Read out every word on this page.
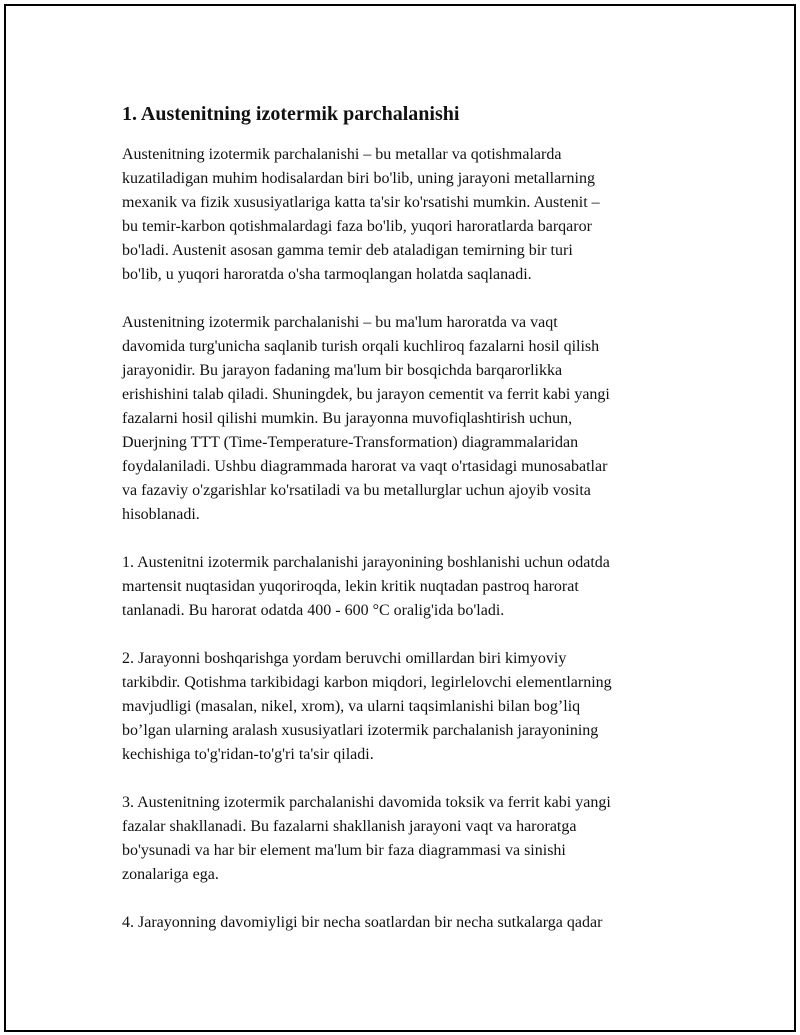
1. Austenitning izotermik parchalanishi

Austenitning izotermik parchalanishi – bu metallar va qotishmalarda
kuzatiladigan muhim hodisalardan biri bo'lib, uning jarayoni metallarning
mexanik va fizik xususiyatlariga katta ta'sir ko'rsatishi mumkin. Austenit –
bu temir-karbon qotishmalardagi faza bo'lib, yuqori haroratlarda barqaror
bo'ladi. Austenit asosan gamma temir deb ataladigan temirning bir turi
bo'lib, u yuqori haroratda o'sha tarmoqlangan holatda saqlanadi.

Austenitning izotermik parchalanishi – bu ma'lum haroratda va vaqt
davomida turg'unicha saqlanib turish orqali kuchliroq fazalarni hosil qilish
jarayonidir. Bu jarayon fadaning ma'lum bir bosqichda barqarorlikka
erishishini talab qiladi. Shuningdek, bu jarayon cementit va ferrit kabi yangi
fazalarni hosil qilishi mumkin. Bu jarayonna muvofiqlashtirish uchun,
Duerjning TTT (Time-Temperature-Transformation) diagrammalaridan
foydalaniladi. Ushbu diagrammada harorat va vaqt o'rtasidagi munosabatlar
va fazaviy o'zgarishlar ko'rsatiladi va bu metallurglar uchun ajoyib vosita
hisoblanadi.

1. Austenitni izotermik parchalanishi jarayonining boshlanishi uchun odatda
martensit nuqtasidan yuqoriroqda, lekin kritik nuqtadan pastroq harorat
tanlanadi. Bu harorat odatda 400 - 600 °C oralig'ida bo'ladi.

2. Jarayonni boshqarishga yordam beruvchi omillardan biri kimyoviy
tarkibdir. Qotishma tarkibidagi karbon miqdori, legirlelovchi elementlarning
mavjudligi (masalan, nikel, xrom), va ularni taqsimlanishi bilan bog’liq
bo’lgan ularning aralash xususiyatlari izotermik parchalanish jarayonining
kechishiga to'g'ridan-to'g'ri ta'sir qiladi.

3. Austenitning izotermik parchalanishi davomida toksik va ferrit kabi yangi
fazalar shakllanadi. Bu fazalarni shakllanish jarayoni vaqt va haroratga
bo'ysunadi va har bir element ma'lum bir faza diagrammasi va sinishi
zonalariga ega.

4. Jarayonning davomiyligi bir necha soatlardan bir necha sutkalarga qadar
